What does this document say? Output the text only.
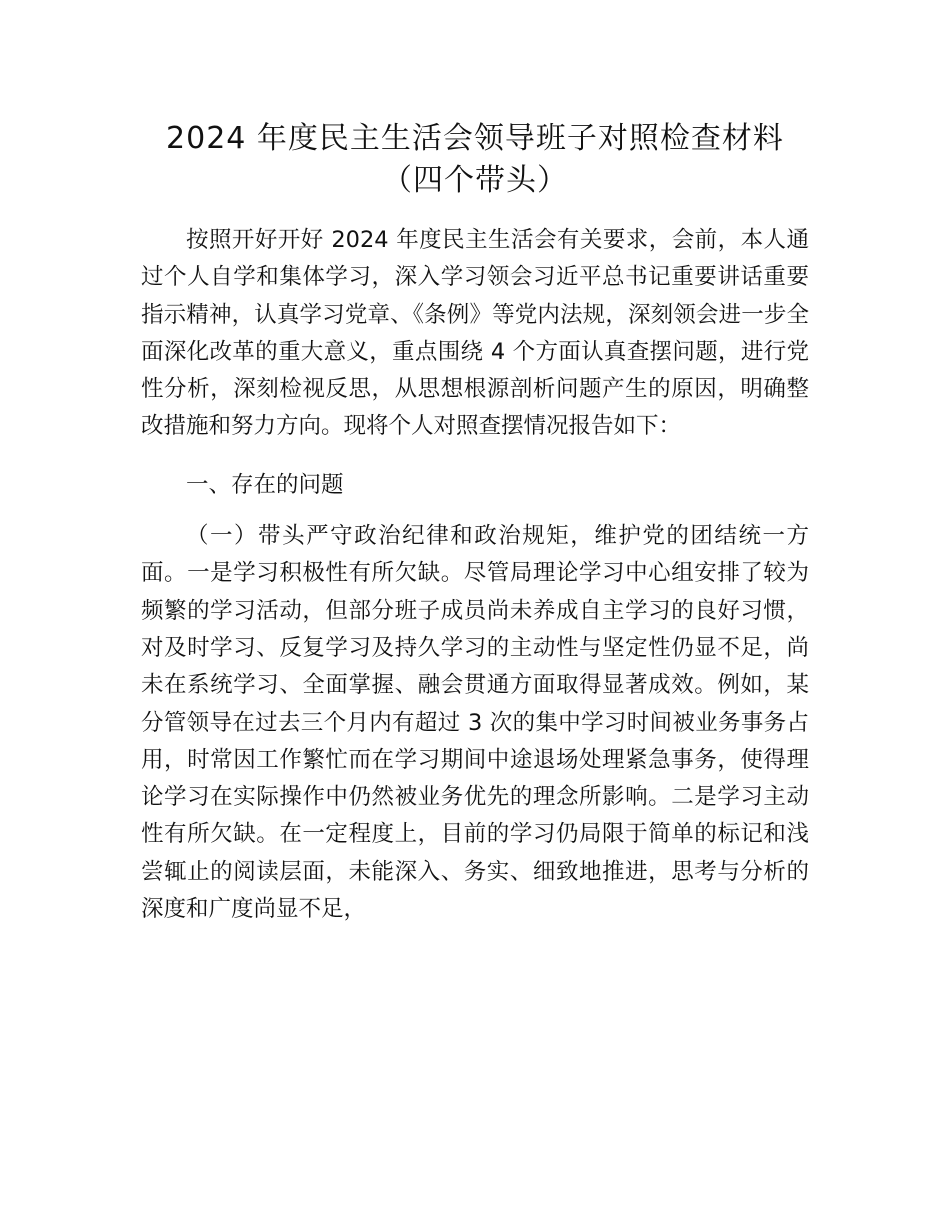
2024 年度民主生活会领导班子对照检查材料
（四个带头）

按照开好开好 2024 年度民主生活会有关要求，会前，本人通过个人自学和集体学习，深入学习领会习近平总书记重要讲话重要指示精神，认真学习党章、《条例》等党内法规，深刻领会进一步全面深化改革的重大意义，重点围绕 4 个方面认真查摆问题，进行党性分析，深刻检视反思，从思想根源剖析问题产生的原因，明确整改措施和努力方向。现将个人对照查摆情况报告如下：

一、存在的问题

（一）带头严守政治纪律和政治规矩，维护党的团结统一方面。一是学习积极性有所欠缺。尽管局理论学习中心组安排了较为频繁的学习活动，但部分班子成员尚未养成自主学习的良好习惯，对及时学习、反复学习及持久学习的主动性与坚定性仍显不足，尚未在系统学习、全面掌握、融会贯通方面取得显著成效。例如，某分管领导在过去三个月内有超过 3 次的集中学习时间被业务事务占用，时常因工作繁忙而在学习期间中途退场处理紧急事务，使得理论学习在实际操作中仍然被业务优先的理念所影响。二是学习主动性有所欠缺。在一定程度上，目前的学习仍局限于简单的标记和浅尝辄止的阅读层面，未能深入、务实、细致地推进，思考与分析的深度和广度尚显不足，
